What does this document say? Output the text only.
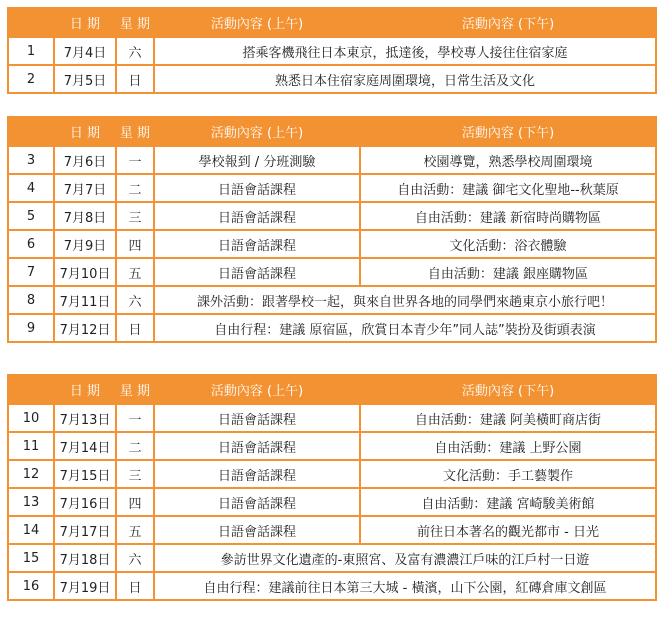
	日 期	星 期	活動內容 (上午)	活動內容 (下午)
1	7月4日	六	搭乘客機飛往日本東京，抵達後，學校專人接往住宿家庭	
2	7月5日	日	熟悉日本住宿家庭周圍環境，日常生活及文化	
	日 期	星 期	活動內容 (上午)	活動內容 (下午)
3	7月6日	一	學校報到 / 分班測驗	校園導覽，熟悉學校周圍環境
4	7月7日	二	日語會話課程	自由活動：建議 御宅文化聖地--秋葉原
5	7月8日	三	日語會話課程	自由活動：建議 新宿時尚購物區
6	7月9日	四	日語會話課程	文化活動：浴衣體驗
7	7月10日	五	日語會話課程	自由活動：建議 銀座購物區
8	7月11日	六	課外活動：跟著學校一起，與來自世界各地的同學們來趟東京小旅行吧！	
9	7月12日	日	自由行程：建議 原宿區，欣賞日本青少年”同人誌”裝扮及街頭表演	
	日 期	星 期	活動內容 (上午)	活動內容 (下午)
10	7月13日	一	日語會話課程	自由活動：建議 阿美橫町商店街
11	7月14日	二	日語會話課程	自由活動：建議 上野公園
12	7月15日	三	日語會話課程	文化活動：手工藝製作
13	7月16日	四	日語會話課程	自由活動：建議 宮崎駿美術館
14	7月17日	五	日語會話課程	前往日本著名的觀光都市 - 日光
15	7月18日	六	參訪世界文化遺產的-東照宮、及富有濃濃江戶味的江戶村一日遊	
16	7月19日	日	自由行程：建議前往日本第三大城 - 橫濱，山下公園，紅磚倉庫文創區	
